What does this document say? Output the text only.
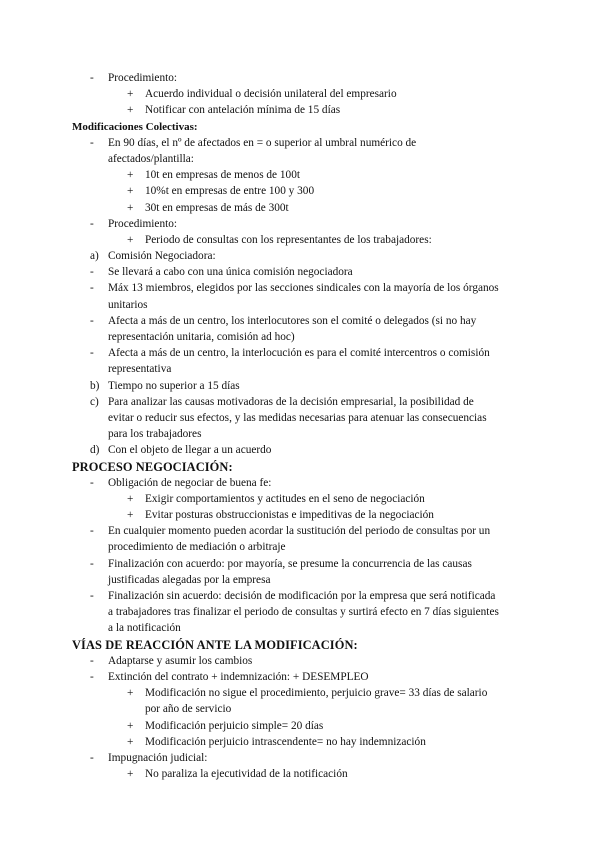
- Procedimiento:
+ Acuerdo individual o decisión unilateral del empresario
+ Notificar con antelación mínima de 15 días
Modificaciones Colectivas:
- En 90 días, el nº de afectados en = o superior al umbral numérico de
afectados/plantilla:
+ 10t en empresas de menos de 100t
+ 10%t en empresas de entre 100 y 300
+ 30t en empresas de más de 300t
- Procedimiento:
+ Periodo de consultas con los representantes de los trabajadores:
a) Comisión Negociadora:
- Se llevará a cabo con una única comisión negociadora
- Máx 13 miembros, elegidos por las secciones sindicales con la mayoría de los órganos
unitarios
- Afecta a más de un centro, los interlocutores son el comité o delegados (si no hay
representación unitaria, comisión ad hoc)
- Afecta a más de un centro, la interlocución es para el comité intercentros o comisión
representativa
b) Tiempo no superior a 15 días
c) Para analizar las causas motivadoras de la decisión empresarial, la posibilidad de
evitar o reducir sus efectos, y las medidas necesarias para atenuar las consecuencias
para los trabajadores
d) Con el objeto de llegar a un acuerdo
PROCESO NEGOCIACIÓN:
- Obligación de negociar de buena fe:
+ Exigir comportamientos y actitudes en el seno de negociación
+ Evitar posturas obstruccionistas e impeditivas de la negociación
- En cualquier momento pueden acordar la sustitución del periodo de consultas por un
procedimiento de mediación o arbitraje
- Finalización con acuerdo: por mayoría, se presume la concurrencia de las causas
justificadas alegadas por la empresa
- Finalización sin acuerdo: decisión de modificación por la empresa que será notificada
a trabajadores tras finalizar el periodo de consultas y surtirá efecto en 7 días siguientes
a la notificación
VÍAS DE REACCIÓN ANTE LA MODIFICACIÓN:
- Adaptarse y asumir los cambios
- Extinción del contrato + indemnización: + DESEMPLEO
+ Modificación no sigue el procedimiento, perjuicio grave= 33 días de salario
por año de servicio
+ Modificación perjuicio simple= 20 días
+ Modificación perjuicio intrascendente= no hay indemnización
- Impugnación judicial:
+ No paraliza la ejecutividad de la notificación
